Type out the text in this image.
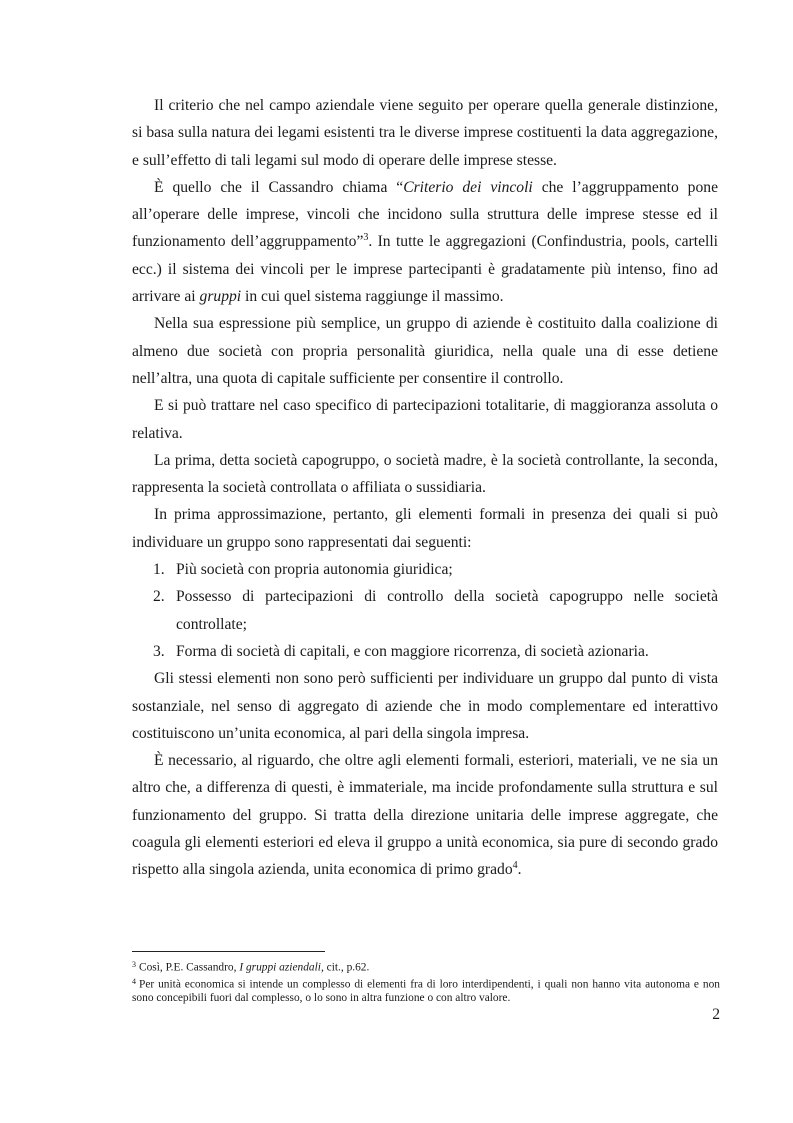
Il criterio che nel campo aziendale viene seguito per operare quella generale distinzione, si basa sulla natura dei legami esistenti tra le diverse imprese costituenti la data aggregazione, e sull’effetto di tali legami sul modo di operare delle imprese stesse.

È quello che il Cassandro chiama “Criterio dei vincoli che l’aggruppamento pone all’operare delle imprese, vincoli che incidono sulla struttura delle imprese stesse ed il funzionamento dell’aggruppamento”$^3$. In tutte le aggregazioni (Confindustria, pools, cartelli ecc.) il sistema dei vincoli per le imprese partecipanti è gradatamente più intenso, fino ad arrivare ai gruppi in cui quel sistema raggiunge il massimo.

Nella sua espressione più semplice, un gruppo di aziende è costituito dalla coalizione di almeno due società con propria personalità giuridica, nella quale una di esse detiene nell’altra, una quota di capitale sufficiente per consentire il controllo.

E si può trattare nel caso specifico di partecipazioni totalitarie, di maggioranza assoluta o relativa.

La prima, detta società capogruppo, o società madre, è la società controllante, la seconda, rappresenta la società controllata o affiliata o sussidiaria.

In prima approssimazione, pertanto, gli elementi formali in presenza dei quali si può individuare un gruppo sono rappresentati dai seguenti:

1. Più società con propria autonomia giuridica;
2. Possesso di partecipazioni di controllo della società capogruppo nelle società controllate;
3. Forma di società di capitali, e con maggiore ricorrenza, di società azionaria.

Gli stessi elementi non sono però sufficienti per individuare un gruppo dal punto di vista sostanziale, nel senso di aggregato di aziende che in modo complementare ed interattivo costituiscono un’unita economica, al pari della singola impresa.

È necessario, al riguardo, che oltre agli elementi formali, esteriori, materiali, ve ne sia un altro che, a differenza di questi, è immateriale, ma incide profondamente sulla struttura e sul funzionamento del gruppo. Si tratta della direzione unitaria delle imprese aggregate, che coagula gli elementi esteriori ed eleva il gruppo a unità economica, sia pure di secondo grado rispetto alla singola azienda, unita economica di primo grado$^4$.

$^3$ Così, P.E. Cassandro, I gruppi aziendali, cit., p.62.
$^4$ Per unità economica si intende un complesso di elementi fra di loro interdipendenti, i quali non hanno vita autonoma e non sono concepibili fuori dal complesso, o lo sono in altra funzione o con altro valore.
2
